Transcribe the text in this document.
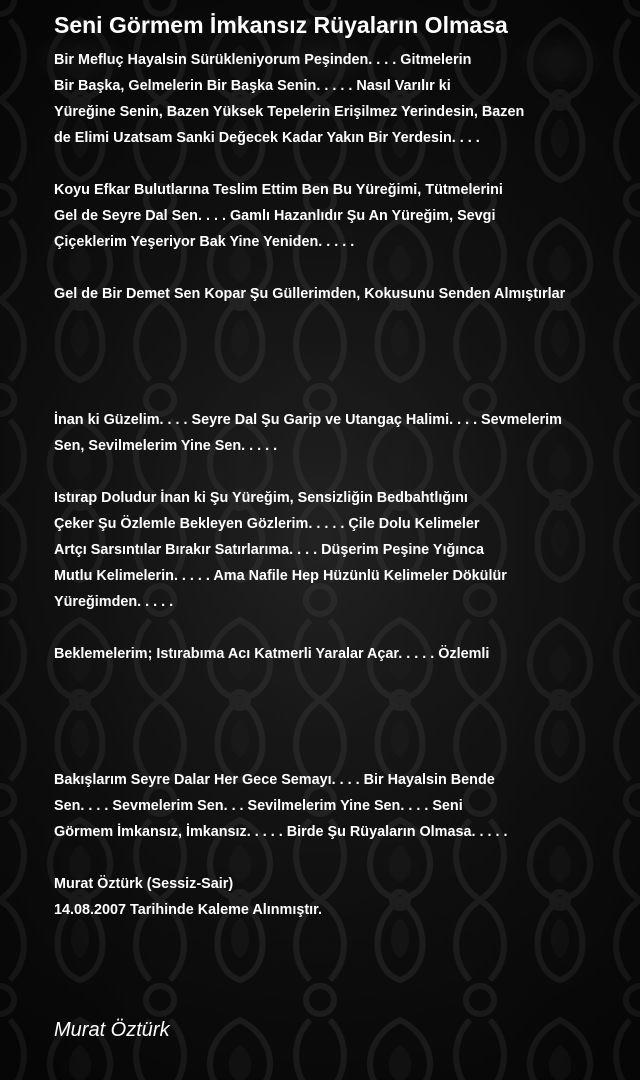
Seni Görmem İmkansız Rüyaların Olmasa
Bir Mefluç Hayalsin Sürükleniyorum Peşinden. . . . Gitmelerin
Bir Başka, Gelmelerin Bir Başka Senin. . . . . Nasıl Varılır ki
Yüreğine Senin, Bazen Yüksek Tepelerin Erişilmez Yerindesin, Bazen
de Elimi Uzatsam Sanki Değecek Kadar Yakın Bir Yerdesin. . . .
Koyu Efkar Bulutlarına Teslim Ettim Ben Bu Yüreğimi, Tütmelerini
Gel de Seyre Dal Sen. . . . Gamlı Hazanlıdır Şu An Yüreğim, Sevgi
Çiçeklerim Yeşeriyor Bak Yine Yeniden. . . . .
Gel de Bir Demet Sen Kopar Şu Güllerimden, Kokusunu Senden Almıştırlar
İnan ki Güzelim. . . . Seyre Dal Şu Garip ve Utangaç Halimi. . . . Sevmelerim
Sen, Sevilmelerim Yine Sen. . . . .
Istırap Doludur İnan ki Şu Yüreğim, Sensizliğin Bedbahtlığını
Çeker Şu Özlemle Bekleyen Gözlerim. . . . . Çile Dolu Kelimeler
Artçı Sarsıntılar Bırakır Satırlarıma. . . . Düşerim Peşine Yığınca
Mutlu Kelimelerin. . . . . Ama Nafile Hep Hüzünlü Kelimeler Dökülür
Yüreğimden. . . . .
Beklemelerim; Istırabıma Acı Katmerli Yaralar Açar. . . . . Özlemli
Bakışlarım Seyre Dalar Her Gece Semayı. . . . Bir Hayalsin Bende
Sen. . . . Sevmelerim Sen. . . Sevilmelerim Yine Sen. . . . Seni
Görmem İmkansız, İmkansız. . . . . Birde Şu Rüyaların Olmasa. . . . .
Murat Öztürk (Sessiz-Sair)
14.08.2007 Tarihinde Kaleme Alınmıştır.
Murat Öztürk
